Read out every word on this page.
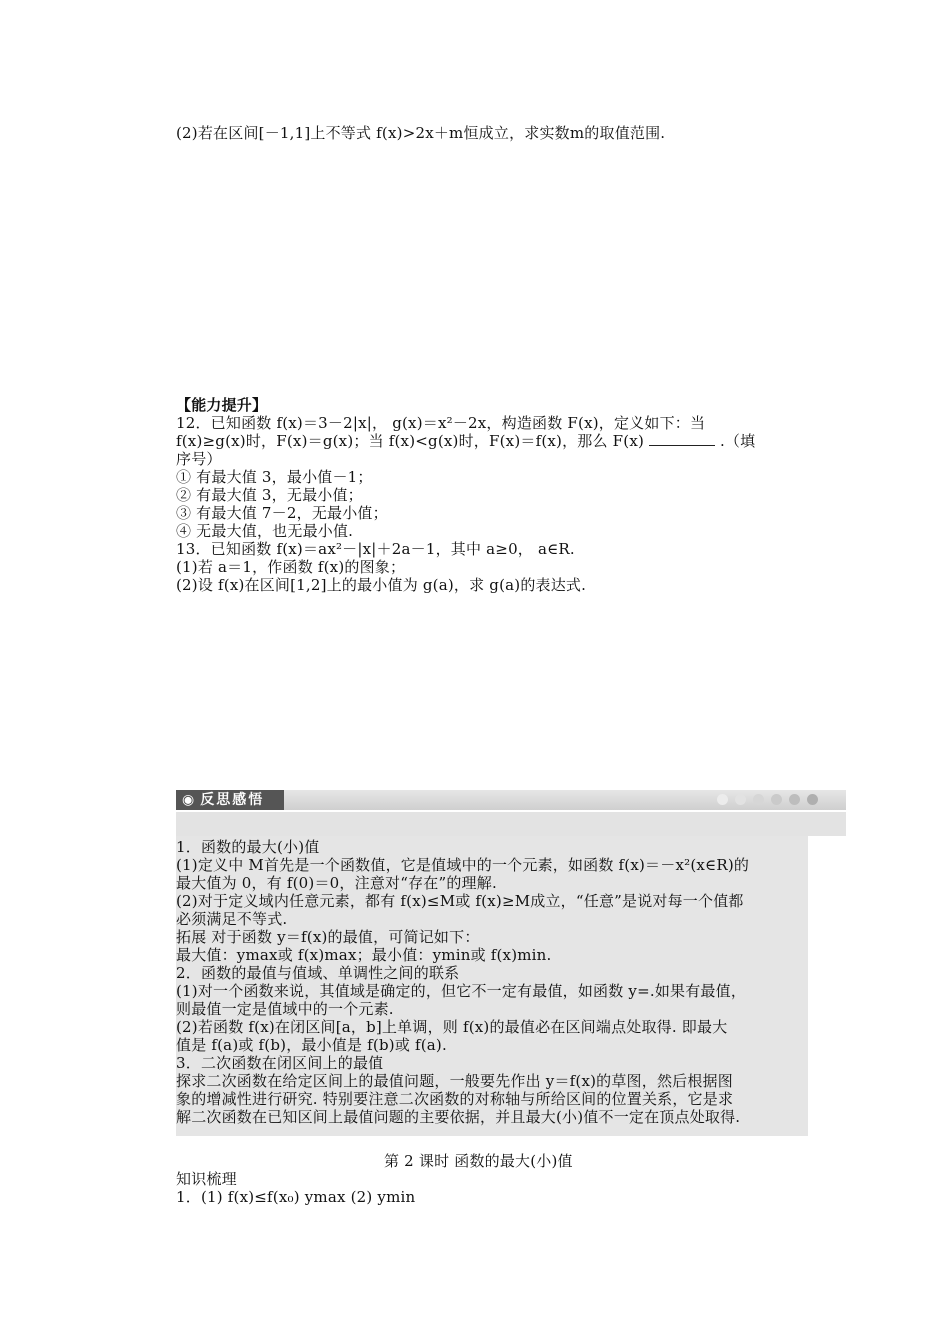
(2)若在区间[－1,1]上不等式 f(x)>2x＋m恒成立，求实数m的取值范围.
【能力提升】
12．已知函数 f(x)＝3－2|x|， g(x)＝x²－2x，构造函数 F(x)，定义如下：当
f(x)≥g(x)时，F(x)＝g(x)；当 f(x)<g(x)时，F(x)＝f(x)，那么 F(x)	.（填
序号）
① 有最大值 3，最小值－1；
② 有最大值 3，无最小值；
③ 有最大值 7－2，无最小值；
④ 无最大值，也无最小值.
13．已知函数 f(x)＝ax²－|x|＋2a－1，其中 a≥0， a∈R.
(1)若 a＝1，作函数 f(x)的图象；
(2)设 f(x)在区间[1,2]上的最小值为 g(a)，求 g(a)的表达式.
◉ 反思感悟
1．函数的最大(小)值
(1)定义中 M首先是一个函数值，它是值域中的一个元素，如函数 f(x)＝－x²(x∈R)的
最大值为 0，有 f(0)＝0，注意对“存在”的理解.
(2)对于定义域内任意元素，都有 f(x)≤M或 f(x)≥M成立，“任意”是说对每一个值都
必须满足不等式.
拓展 对于函数 y＝f(x)的最值，可简记如下：
最大值：ymax或 f(x)max；最小值：ymin或 f(x)min.
2．函数的最值与值域、单调性之间的联系
(1)对一个函数来说，其值域是确定的，但它不一定有最值，如函数 y=.如果有最值，
则最值一定是值域中的一个元素.
(2)若函数 f(x)在闭区间[a，b]上单调，则 f(x)的最值必在区间端点处取得. 即最大
值是 f(a)或 f(b)，最小值是 f(b)或 f(a).
3．二次函数在闭区间上的最值
探求二次函数在给定区间上的最值问题，一般要先作出 y＝f(x)的草图，然后根据图
象的增减性进行研究. 特别要注意二次函数的对称轴与所给区间的位置关系，它是求
解二次函数在已知区间上最值问题的主要依据，并且最大(小)值不一定在顶点处取得.
第 2 课时 函数的最大(小)值
知识梳理
1．(1) f(x)≤f(x₀) ymax (2) ymin
